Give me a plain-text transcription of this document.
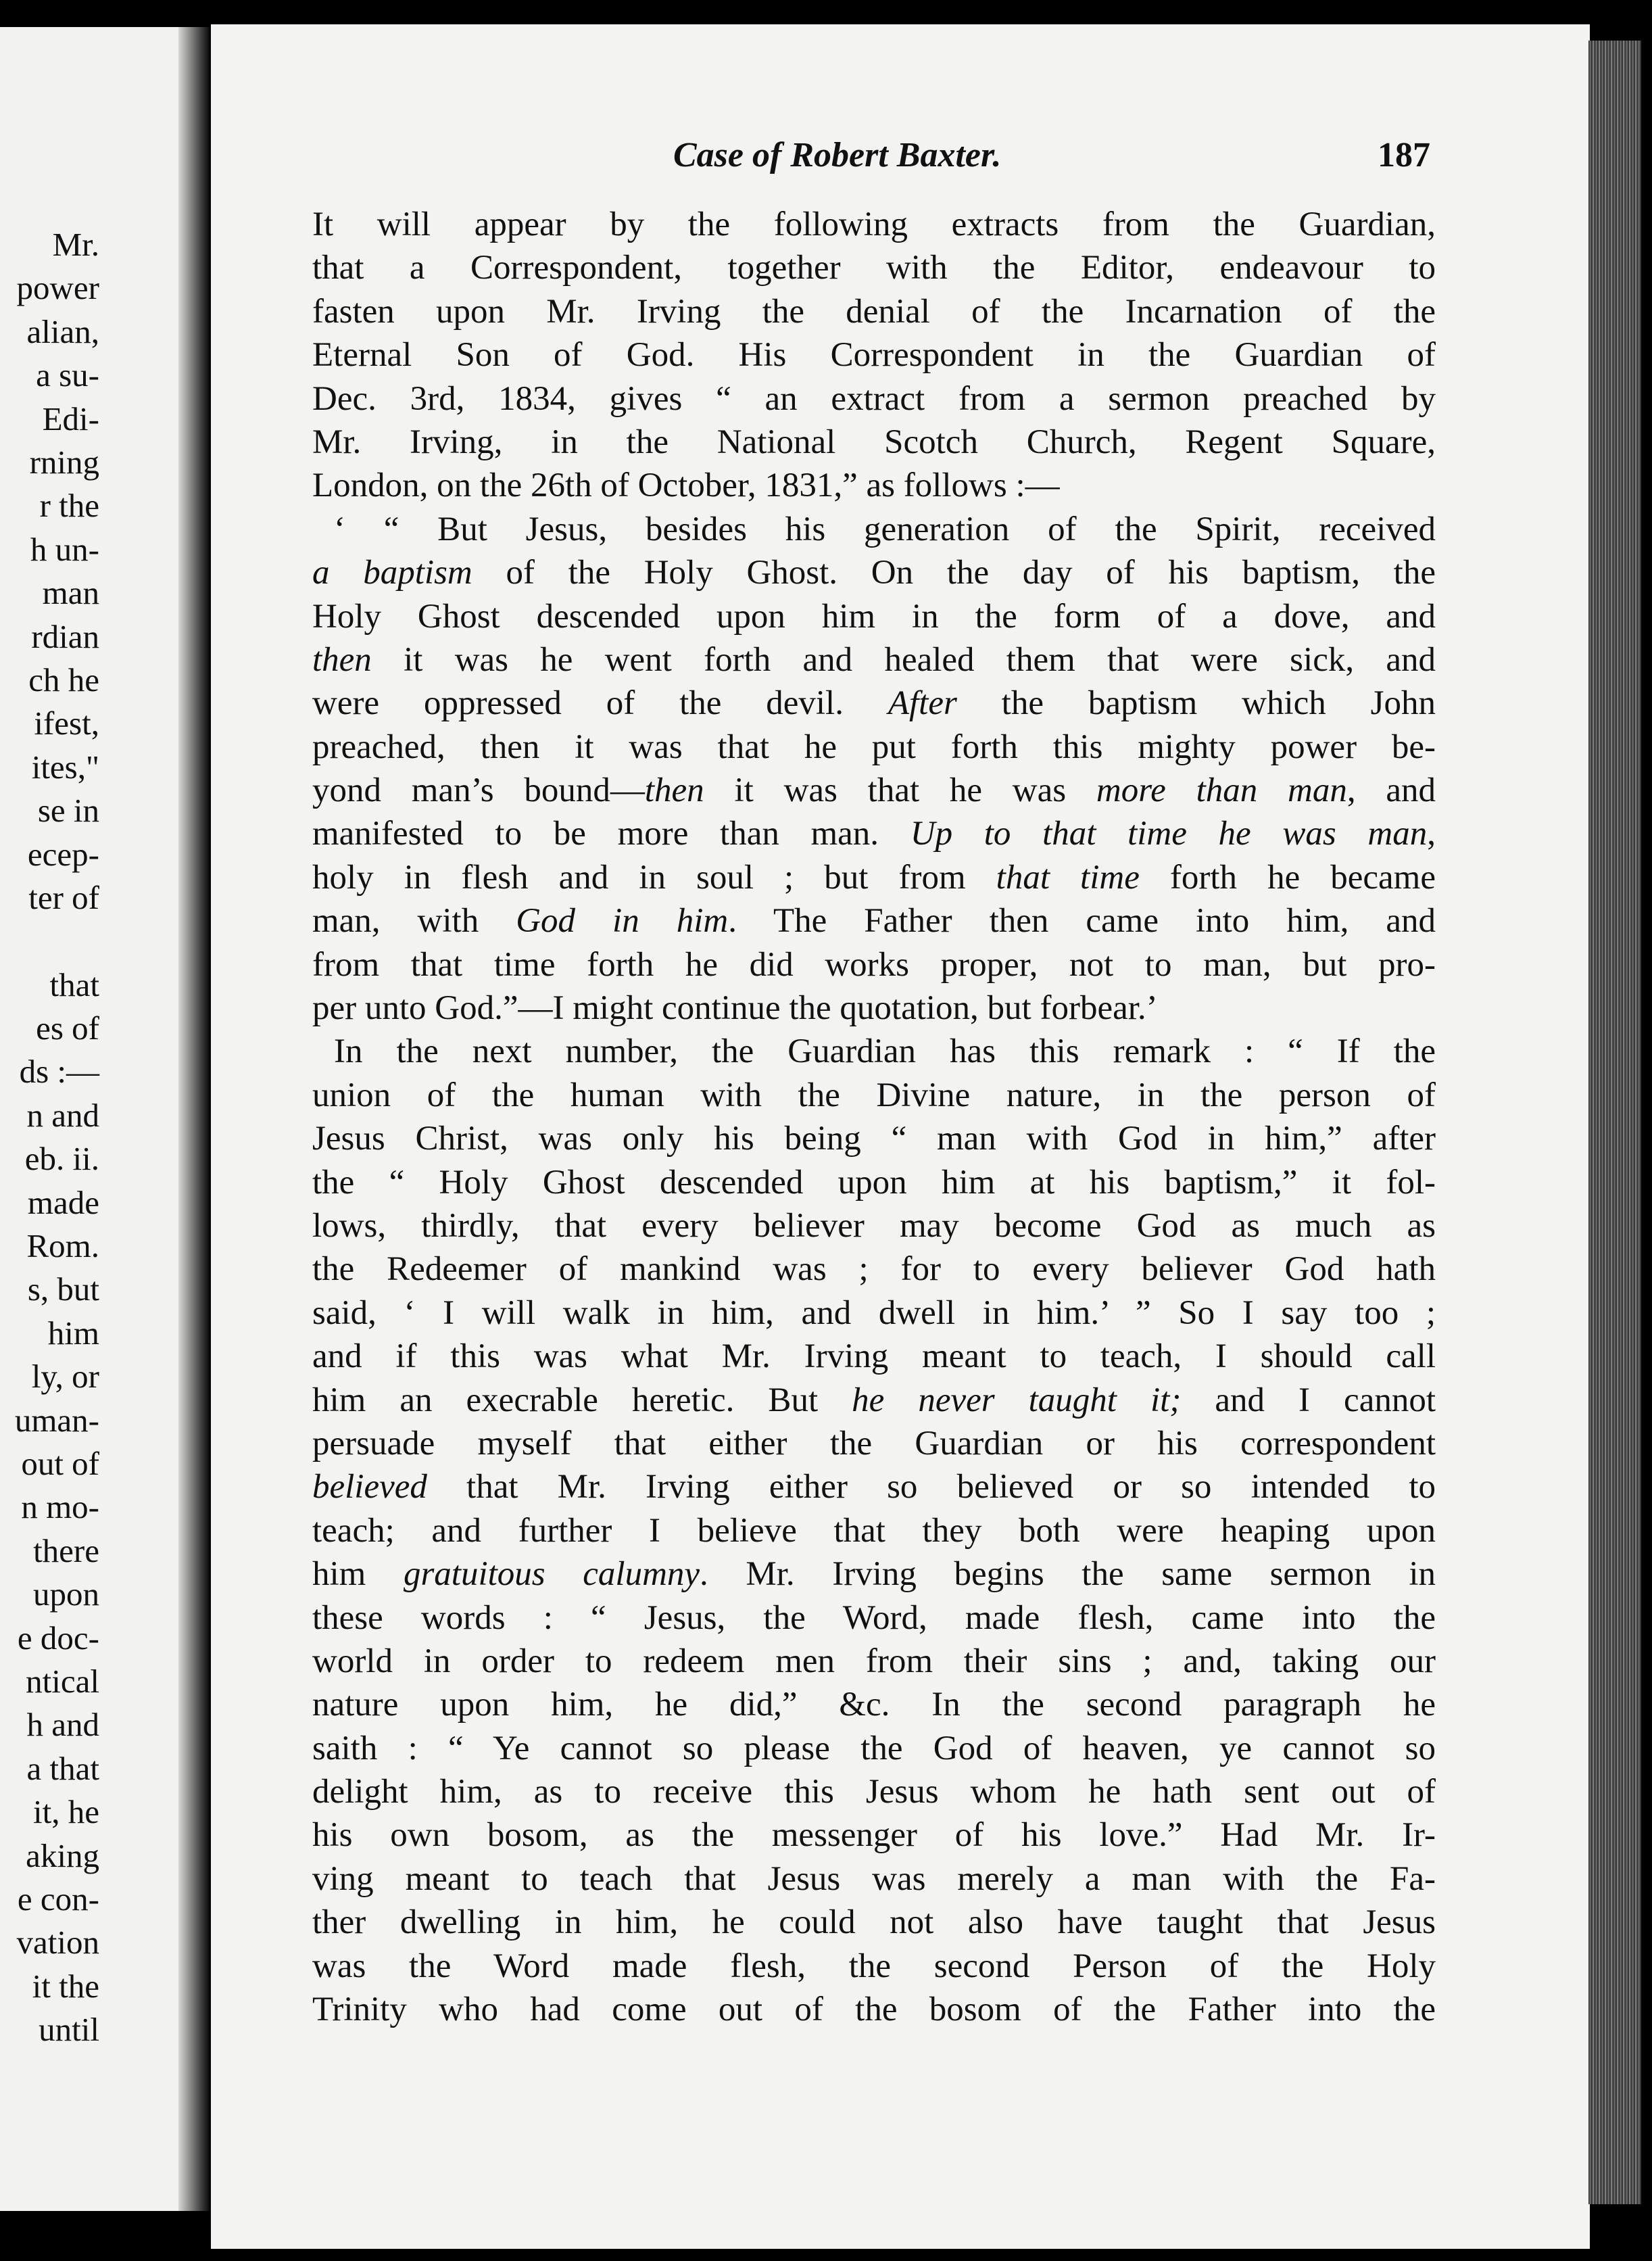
Mr.
power
alian,
a su-
Edi-
rning
r the
h un-
man
rdian
ch he
ifest,
ites,"
se in
ecep-
ter of
that
es of
ds :—
n and
eb. ii.
made
Rom.
s, but
him
ly, or
uman-
out of
n mo-
there
upon
e doc-
ntical
h and
a that
it, he
aking
e con-
vation
it the
until
Case of Robert Baxter.	187
It will appear by the following extracts from the Guardian,
that a Correspondent, together with the Editor, endeavour to
fasten upon Mr. Irving the denial of the Incarnation of the
Eternal Son of God. His Correspondent in the Guardian of
Dec. 3rd, 1834, gives “ an extract from a sermon preached by
Mr. Irving, in the National Scotch Church, Regent Square,
London, on the 26th of October, 1831,” as follows :—
‘ “ But Jesus, besides his generation of the Spirit, received
a baptism of the Holy Ghost. On the day of his baptism, the
Holy Ghost descended upon him in the form of a dove, and
then it was he went forth and healed them that were sick, and
were oppressed of the devil. After the baptism which John
preached, then it was that he put forth this mighty power be-
yond man’s bound—then it was that he was more than man, and
manifested to be more than man. Up to that time he was man,
holy in flesh and in soul ; but from that time forth he became
man, with God in him. The Father then came into him, and
from that time forth he did works proper, not to man, but pro-
per unto God.”—I might continue the quotation, but forbear.’
In the next number, the Guardian has this remark : “ If the
union of the human with the Divine nature, in the person of
Jesus Christ, was only his being “ man with God in him,” after
the “ Holy Ghost descended upon him at his baptism,” it fol-
lows, thirdly, that every believer may become God as much as
the Redeemer of mankind was ; for to every believer God hath
said, ‘ I will walk in him, and dwell in him.’ ” So I say too ;
and if this was what Mr. Irving meant to teach, I should call
him an execrable heretic. But he never taught it; and I cannot
persuade myself that either the Guardian or his correspondent
believed that Mr. Irving either so believed or so intended to
teach; and further I believe that they both were heaping upon
him gratuitous calumny. Mr. Irving begins the same sermon in
these words : “ Jesus, the Word, made flesh, came into the
world in order to redeem men from their sins ; and, taking our
nature upon him, he did,” &c. In the second paragraph he
saith : “ Ye cannot so please the God of heaven, ye cannot so
delight him, as to receive this Jesus whom he hath sent out of
his own bosom, as the messenger of his love.” Had Mr. Ir-
ving meant to teach that Jesus was merely a man with the Fa-
ther dwelling in him, he could not also have taught that Jesus
was the Word made flesh, the second Person of the Holy
Trinity who had come out of the bosom of the Father into the
